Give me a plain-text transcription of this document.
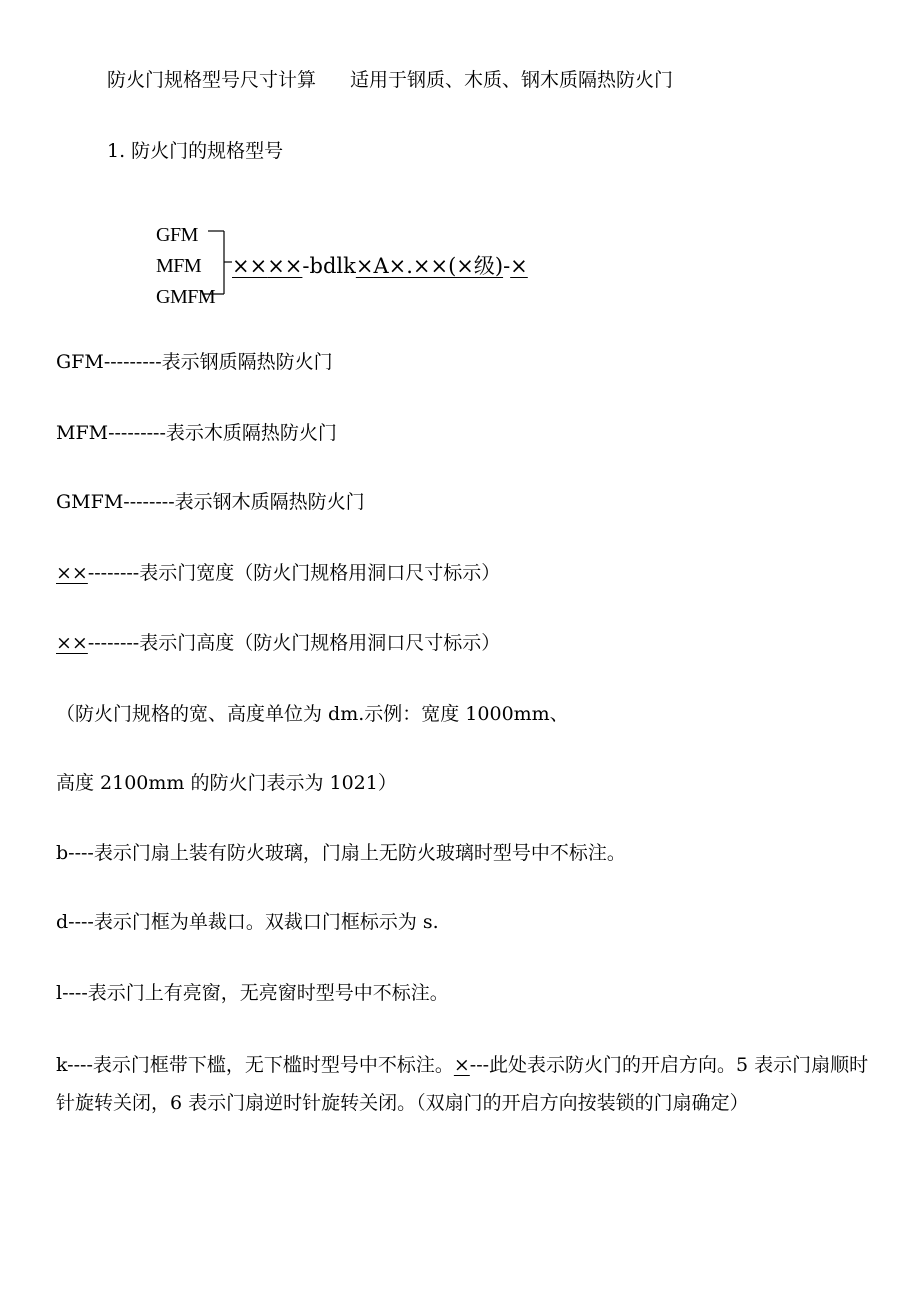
防火门规格型号尺寸计算 适用于钢质、木质、钢木质隔热防火门

1. 防火门的规格型号

GFM
MFM
GMFM
××××-bdlk×A×.××(×级)-×

GFM---------表示钢质隔热防火门

MFM---------表示木质隔热防火门

GMFM--------表示钢木质隔热防火门

××--------表示门宽度（防火门规格用洞口尺寸标示）

××--------表示门高度（防火门规格用洞口尺寸标示）

（防火门规格的宽、高度单位为 dm.示例：宽度 1000mm、

高度 2100mm 的防火门表示为 1021）

b----表示门扇上装有防火玻璃，门扇上无防火玻璃时型号中不标注。

d----表示门框为单裁口。双裁口门框标示为 s.

l----表示门上有亮窗，无亮窗时型号中不标注。

k----表示门框带下槛，无下槛时型号中不标注。×---此处表示防火门的开启方向。5 表示门扇顺时针旋转关闭，6 表示门扇逆时针旋转关闭。（双扇门的开启方向按装锁的门扇确定）
